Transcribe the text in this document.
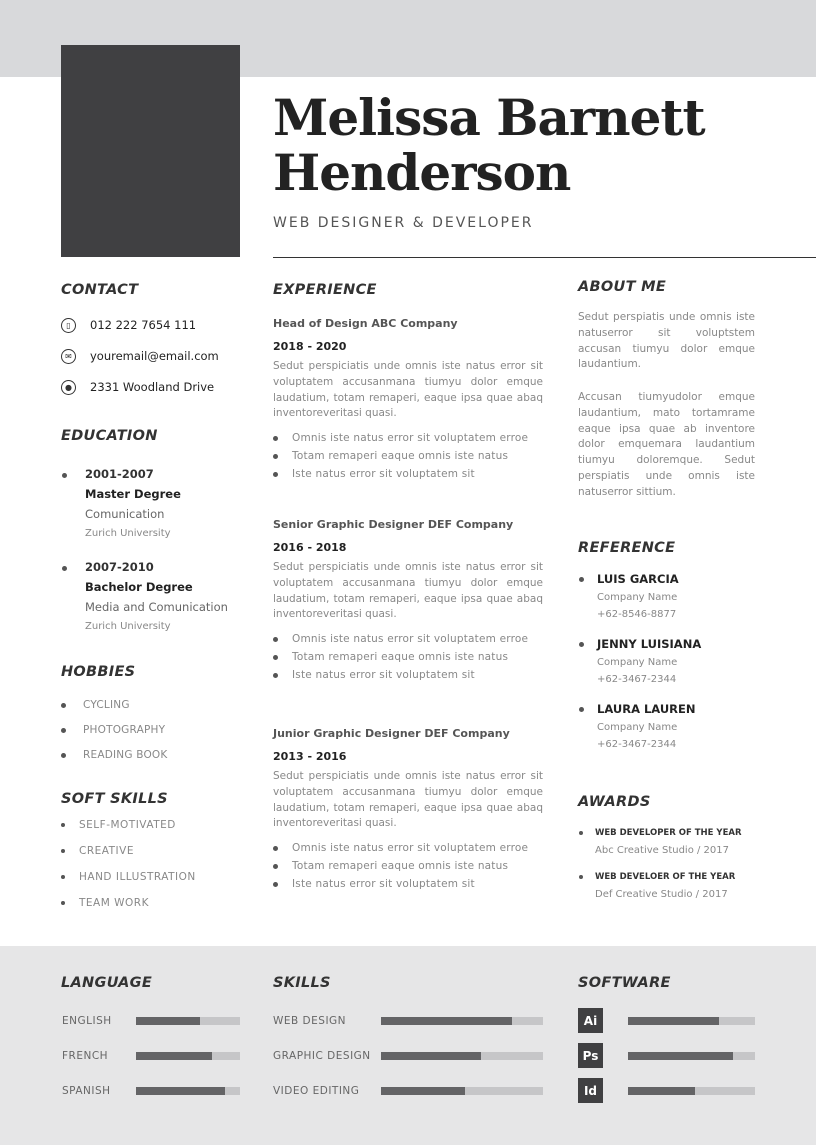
Melissa Barnett
Henderson
WEB DESIGNER & DEVELOPER
CONTACT
▯	012 222 7654 111
✉	youremail@email.com
●	2331 Woodland Drive
EDUCATION
2001-2007
Master Degree
Comunication
Zurich University
2007-2010
Bachelor Degree
Media and Comunication
Zurich University
HOBBIES
CYCLING
PHOTOGRAPHY
READING BOOK
SOFT SKILLS
SELF-MOTIVATED
CREATIVE
HAND ILLUSTRATION
TEAM WORK
EXPERIENCE
Head of Design ABC Company
2018 - 2020
Sedut perspiciatis unde omnis iste natus error sit voluptatem accusanmana tiumyu dolor emque laudatium, totam remaperi, eaque ipsa quae abaq inventoreveritasi quasi.
Omnis iste natus error sit voluptatem erroe
Totam remaperi eaque omnis iste natus
Iste natus error sit voluptatem sit
Senior Graphic Designer DEF Company
2016 - 2018
Sedut perspiciatis unde omnis iste natus error sit voluptatem accusanmana tiumyu dolor emque laudatium, totam remaperi, eaque ipsa quae abaq inventoreveritasi quasi.
Omnis iste natus error sit voluptatem erroe
Totam remaperi eaque omnis iste natus
Iste natus error sit voluptatem sit
Junior Graphic Designer DEF Company
2013 - 2016
Sedut perspiciatis unde omnis iste natus error sit voluptatem accusanmana tiumyu dolor emque laudatium, totam remaperi, eaque ipsa quae abaq inventoreveritasi quasi.
Omnis iste natus error sit voluptatem erroe
Totam remaperi eaque omnis iste natus
Iste natus error sit voluptatem sit
ABOUT ME
Sedut perspiatis unde omnis iste natuserror sit voluptstem accusan tiumyu dolor emque laudantium.
Accusan tiumyudolor emque laudantium, mato tortamrame eaque ipsa quae ab inventore dolor emquemara laudantium tiumyu doloremque. Sedut perspiatis unde omnis iste natuserror sittium.
REFERENCE
LUIS GARCIA
Company Name
+62-8546-8877
JENNY LUISIANA
Company Name
+62-3467-2344
LAURA LAUREN
Company Name
+62-3467-2344
AWARDS
WEB DEVELOPER OF THE YEAR
Abc Creative Studio / 2017
WEB DEVELOER OF THE YEAR
Def Creative Studio / 2017
LANGUAGE
ENGLISH
FRENCH
SPANISH
SKILLS
WEB DESIGN
GRAPHIC DESIGN
VIDEO EDITING
SOFTWARE
Ai
Ps
Id
